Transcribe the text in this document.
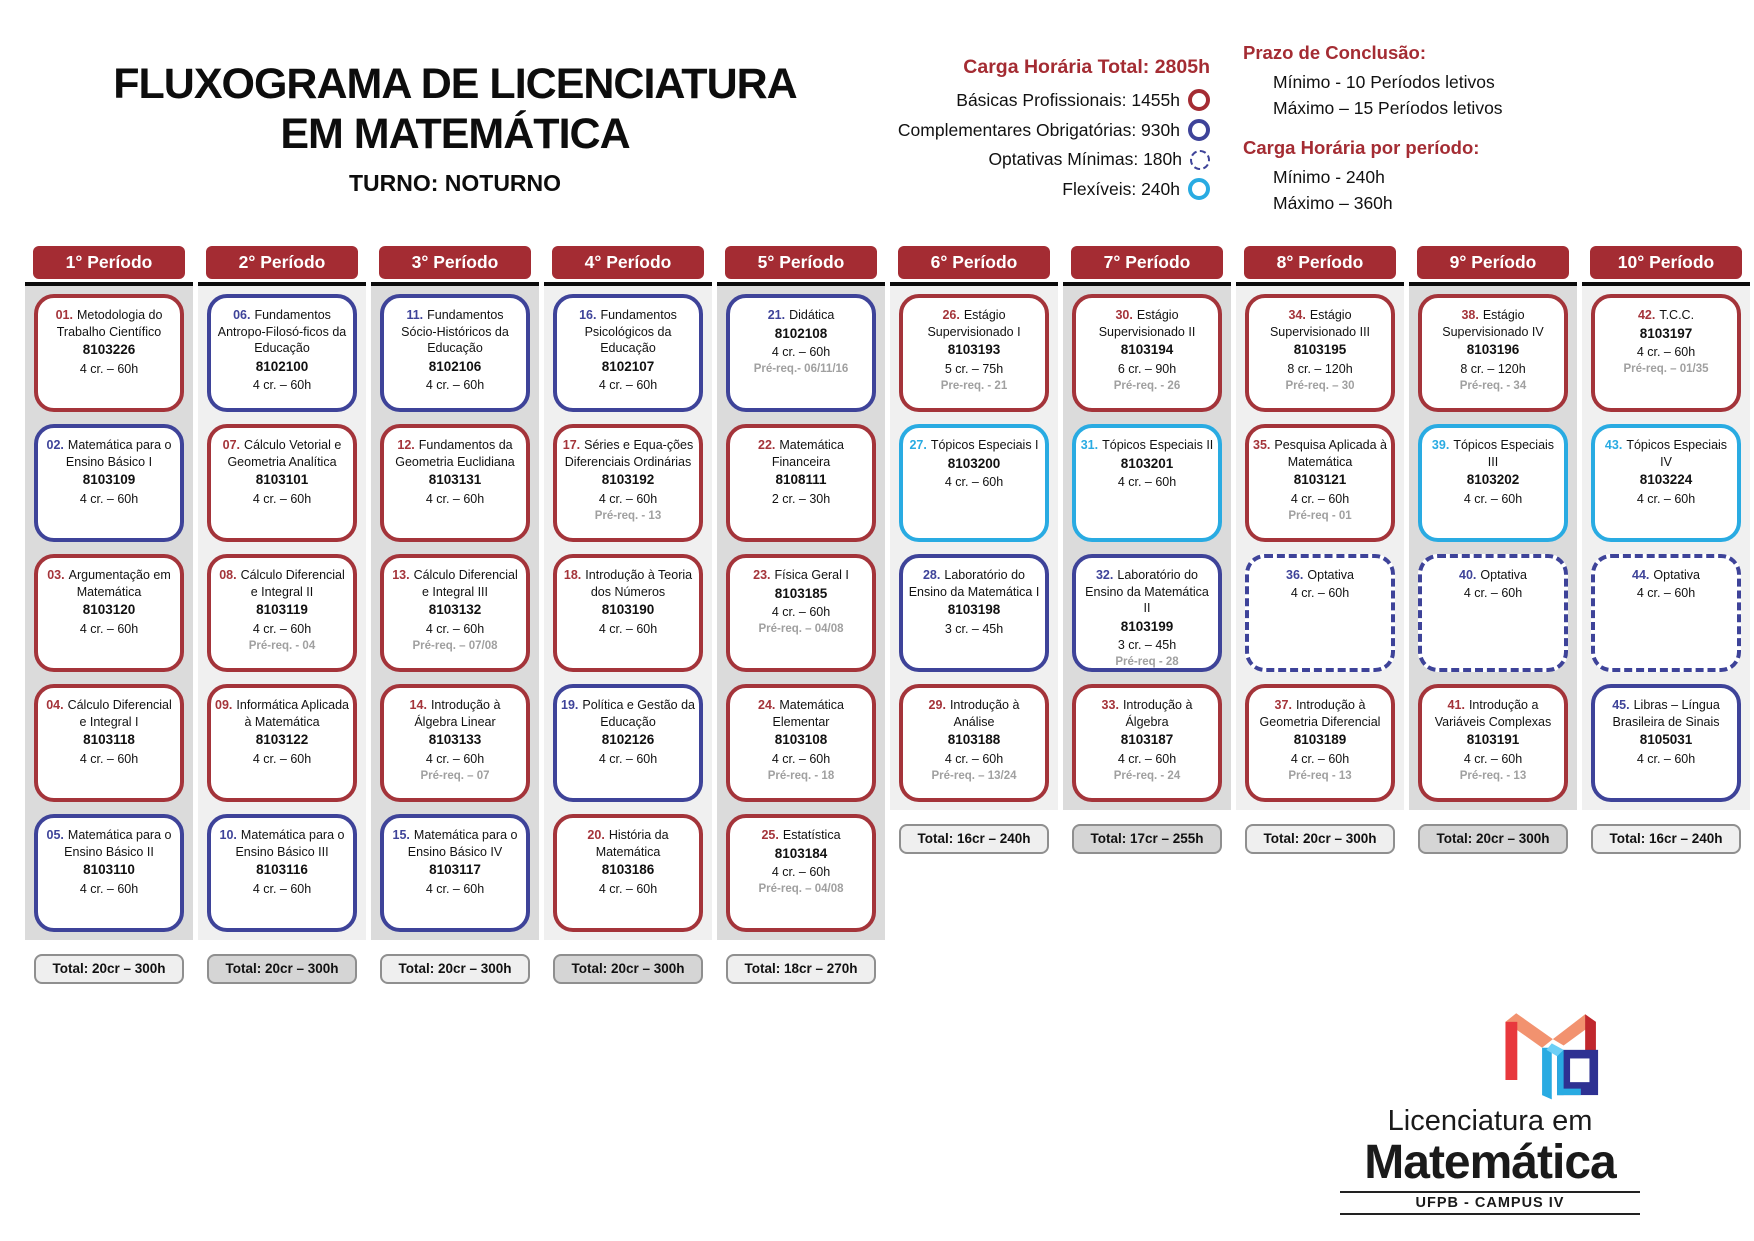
FLUXOGRAMA DE LICENCIATURA
EM MATEMÁTICA
TURNO: NOTURNO
Carga Horária Total: 2805h
Básicas Profissionais: 1455h
Complementares Obrigatórias: 930h
Optativas Mínimas: 180h
Flexíveis: 240h
Prazo de Conclusão:
Mínimo - 10 Períodos letivos
Máximo – 15 Períodos letivos
Carga Horária por período:
Mínimo - 240h
Máximo – 360h
1° Período
01. Metodologia do Trabalho Científico
8103226
4 cr. – 60h
02. Matemática para o Ensino Básico I
8103109
4 cr. – 60h
03. Argumentação em Matemática
8103120
4 cr. – 60h
04. Cálculo Diferencial e Integral I
8103118
4 cr. – 60h
05. Matemática para o Ensino Básico II
8103110
4 cr. – 60h
Total: 20cr – 300h
2° Período
06. Fundamentos Antropo-Filosó-ficos da Educação
8102100
4 cr. – 60h
07. Cálculo Vetorial e Geometria Analítica
8103101
4 cr. – 60h
08. Cálculo Diferencial e Integral II
8103119
4 cr. – 60h
Pré-req. - 04
09. Informática Aplicada à Matemática
8103122
4 cr. – 60h
10. Matemática para o Ensino Básico III
8103116
4 cr. – 60h
Total: 20cr – 300h
3° Período
11. Fundamentos Sócio-Históricos da Educação
8102106
4 cr. – 60h
12. Fundamentos da Geometria Euclidiana
8103131
4 cr. – 60h
13. Cálculo Diferencial e Integral III
8103132
4 cr. – 60h
Pré-req. – 07/08
14. Introdução à Álgebra Linear
8103133
4 cr. – 60h
Pré-req. – 07
15. Matemática para o Ensino Básico IV
8103117
4 cr. – 60h
Total: 20cr – 300h
4° Período
16. Fundamentos Psicológicos da Educação
8102107
4 cr. – 60h
17. Séries e Equa-ções Diferenciais Ordinárias
8103192
4 cr. – 60h
Pré-req. - 13
18. Introdução à Teoria dos Números
8103190
4 cr. – 60h
19. Política e Gestão da Educação
8102126
4 cr. – 60h
20. História da Matemática
8103186
4 cr. – 60h
Total: 20cr – 300h
5° Período
21. Didática
8102108
4 cr. – 60h
Pré-req.- 06/11/16
22. Matemática Financeira
8108111
2 cr. – 30h
23. Física Geral I
8103185
4 cr. – 60h
Pré-req. – 04/08
24. Matemática Elementar
8103108
4 cr. – 60h
Pré-req. - 18
25. Estatística
8103184
4 cr. – 60h
Pré-req. – 04/08
Total: 18cr – 270h
6° Período
26. Estágio Supervisionado I
8103193
5 cr. – 75h
Pre-req. - 21
27. Tópicos Especiais I
8103200
4 cr. – 60h
28. Laboratório do Ensino da Matemática I
8103198
3 cr. – 45h
29. Introdução à Análise
8103188
4 cr. – 60h
Pré-req. – 13/24
Total: 16cr – 240h
7° Período
30. Estágio Supervisionado II
8103194
6 cr. – 90h
Pré-req. - 26
31. Tópicos Especiais II
8103201
4 cr. – 60h
32. Laboratório do Ensino da Matemática II
8103199
3 cr. – 45h
Pré-req - 28
33. Introdução à Álgebra
8103187
4 cr. – 60h
Pré-req. - 24
Total: 17cr – 255h
8° Período
34. Estágio Supervisionado III
8103195
8 cr. – 120h
Pré-req. – 30
35. Pesquisa Aplicada à Matemática
8103121
4 cr. – 60h
Pré-req - 01
36. Optativa
4 cr. – 60h
37. Introdução à Geometria Diferencial
8103189
4 cr. – 60h
Pré-req - 13
Total: 20cr – 300h
9° Período
38. Estágio Supervisionado IV
8103196
8 cr. – 120h
Pré-req. - 34
39. Tópicos Especiais III
8103202
4 cr. – 60h
40. Optativa
4 cr. – 60h
41. Introdução a Variáveis Complexas
8103191
4 cr. – 60h
Pré-req. - 13
Total: 20cr – 300h
10° Período
42. T.C.C.
8103197
4 cr. – 60h
Pré-req. – 01/35
43. Tópicos Especiais IV
8103224
4 cr. – 60h
44. Optativa
4 cr. – 60h
45. Libras – Língua Brasileira de Sinais
8105031
4 cr. – 60h
Total: 16cr – 240h
Licenciatura em
Matemática
UFPB - CAMPUS IV
